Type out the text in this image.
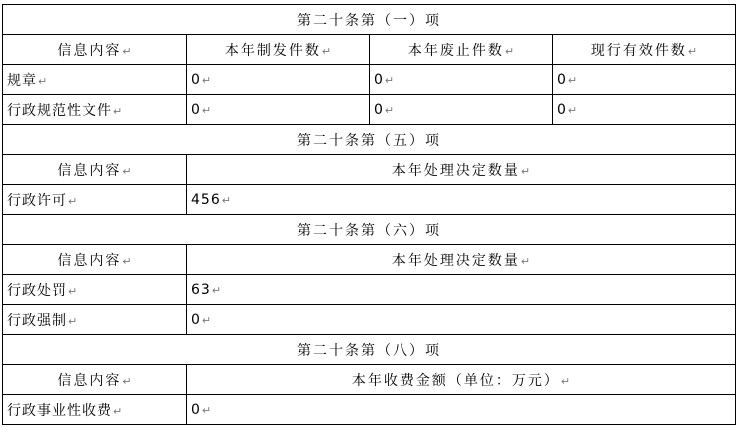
第二十条第（一）项			
信息内容↵	本年制发件数↵	本年废止件数↵	现行有效件数↵
规章↵	0↵	0↵	0↵
行政规范性文件↵	0↵	0↵	0↵
第二十条第（五）项			
信息内容↵	本年处理决定数量↵		
行政许可↵	456↵		
第二十条第（六）项			
信息内容↵	本年处理决定数量↵		
行政处罚↵	63↵		
行政强制↵	0↵		
第二十条第（八）项			
信息内容↵	本年收费金额（单位：万元）↵		
行政事业性收费↵	0↵		
